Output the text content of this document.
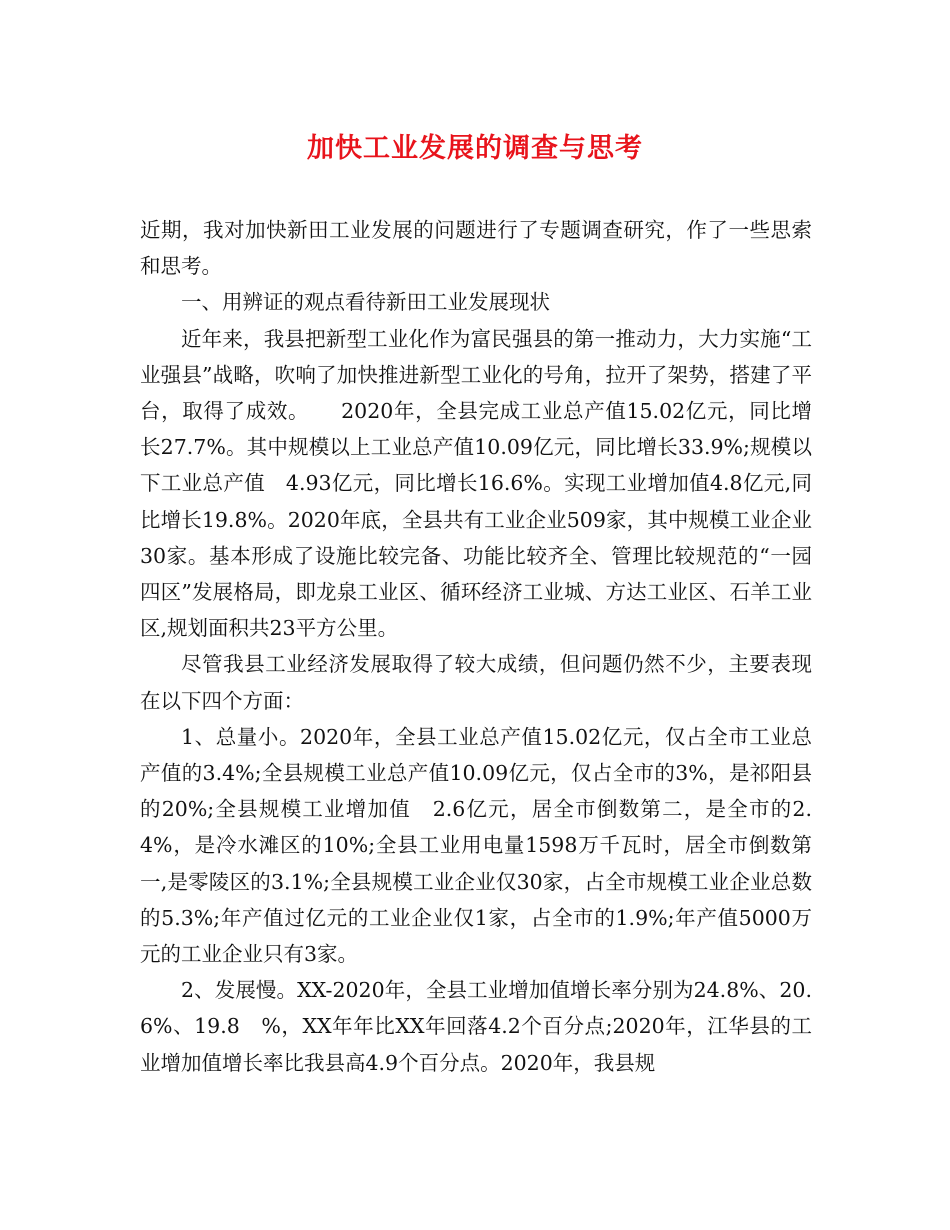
加快工业发展的调查与思考

近期，我对加快新田工业发展的问题进行了专题调查研究，作了一些思索和思考。

一、用辨证的观点看待新田工业发展现状

近年来，我县把新型工业化作为富民强县的第一推动力，大力实施“工业强县”战略，吹响了加快推进新型工业化的号角，拉开了架势，搭建了平台，取得了成效。　　2020年，全县完成工业总产值15.02亿元，同比增长27.7%。其中规模以上工业总产值10.09亿元，同比增长33.9%;规模以下工业总产值　4.93亿元，同比增长16.6%。实现工业增加值4.8亿元,同比增长19.8%。2020年底，全县共有工业企业509家，其中规模工业企业30家。基本形成了设施比较完备、功能比较齐全、管理比较规范的“一园四区”发展格局，即龙泉工业区、循环经济工业城、方达工业区、石羊工业区,规划面积共23平方公里。

尽管我县工业经济发展取得了较大成绩，但问题仍然不少，主要表现在以下四个方面：

1、总量小。2020年，全县工业总产值15.02亿元，仅占全市工业总产值的3.4%;全县规模工业总产值10.09亿元，仅占全市的3%，是祁阳县的20%;全县规模工业增加值　2.6亿元，居全市倒数第二，是全市的2.4%，是冷水滩区的10%;全县工业用电量1598万千瓦时，居全市倒数第一,是零陵区的3.1%;全县规模工业企业仅30家，占全市规模工业企业总数的5.3%;年产值过亿元的工业企业仅1家，占全市的1.9%;年产值5000万元的工业企业只有3家。

2、发展慢。XX-2020年，全县工业增加值增长率分别为24.8%、20.6%、19.8　%，XX年年比XX年回落4.2个百分点;2020年，江华县的工业增加值增长率比我县高4.9个百分点。2020年，我县规
